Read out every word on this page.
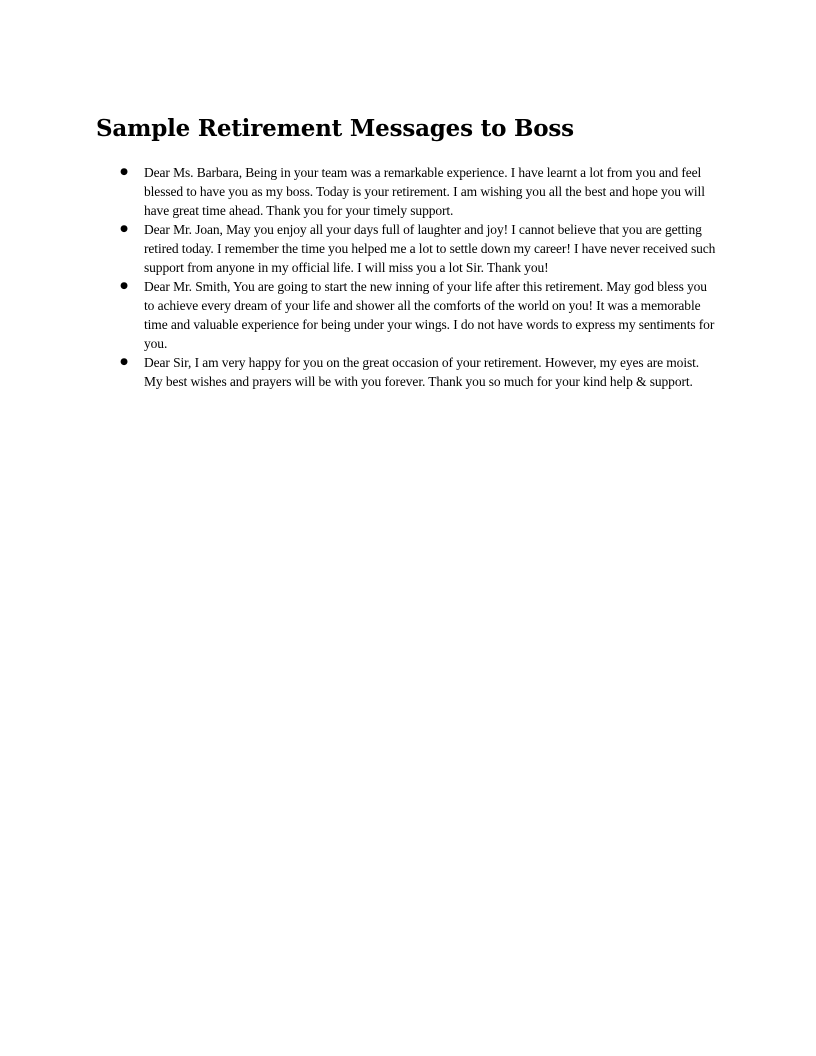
Sample Retirement Messages to Boss
● Dear Ms. Barbara, Being in your team was a remarkable experience. I have learnt a lot from you and feel blessed to have you as my boss. Today is your retirement. I am wishing you all the best and hope you will have great time ahead. Thank you for your timely support.
● Dear Mr. Joan, May you enjoy all your days full of laughter and joy! I cannot believe that you are getting retired today. I remember the time you helped me a lot to settle down my career! I have never received such support from anyone in my official life. I will miss you a lot Sir. Thank you!
● Dear Mr. Smith, You are going to start the new inning of your life after this retirement. May god bless you to achieve every dream of your life and shower all the comforts of the world on you! It was a memorable time and valuable experience for being under your wings. I do not have words to express my sentiments for you.
● Dear Sir, I am very happy for you on the great occasion of your retirement. However, my eyes are moist. My best wishes and prayers will be with you forever. Thank you so much for your kind help & support.
